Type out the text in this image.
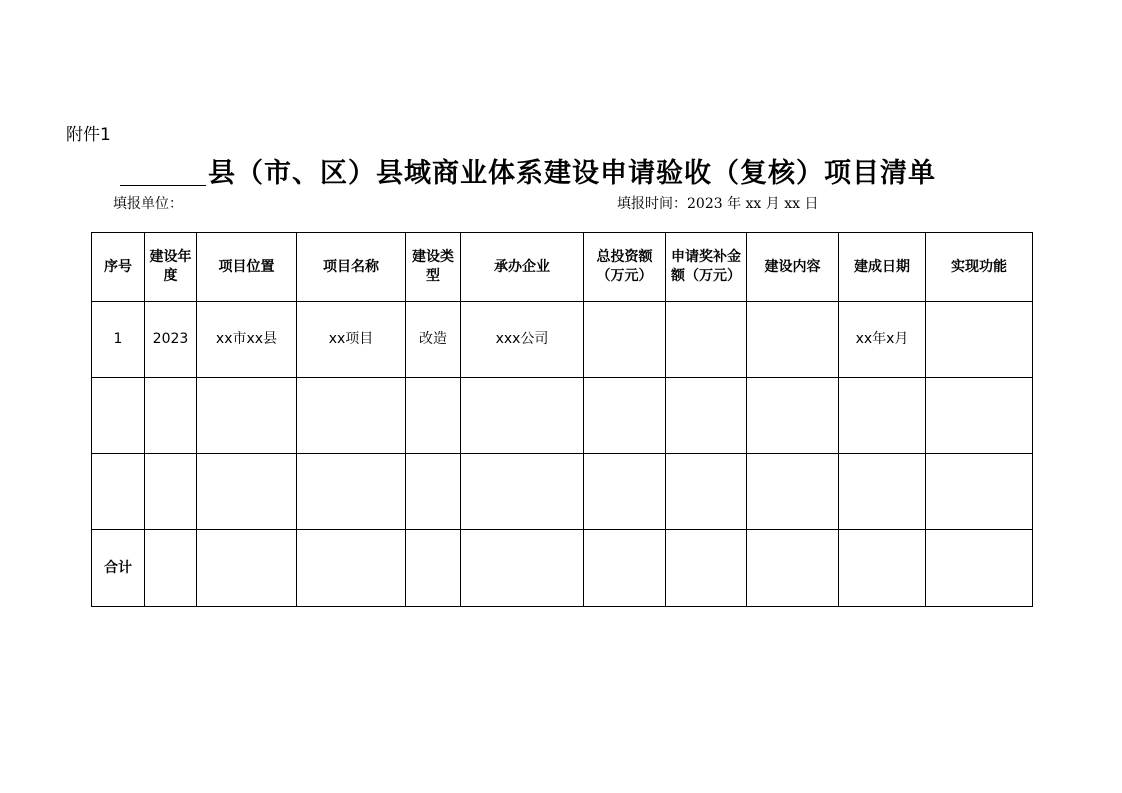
附件1
县（市、区）县域商业体系建设申请验收（复核）项目清单
填报单位：	填报时间：2023 年 xx 月 xx 日
序号	建设年度	项目位置	项目名称	建设类型	承办企业	总投资额（万元）	申请奖补金额（万元）	建设内容	建成日期	实现功能
1	2023	xx市xx县	xx项目	改造	xxx公司				xx年x月	

合计										
